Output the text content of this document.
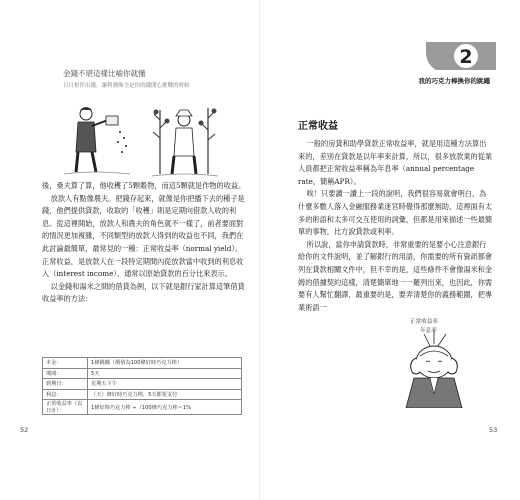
金錢不堪這樣比喻你就懂
日日相伴出錢，讓利潤像全是你的錢開心挑戰的時候

後，桑夫算了算，他收穫了5顆穀物，而這5顆就是作物的收益。

放款人有點像農夫。把錢存起來，就像是你把播下去的種子是錢，他們提供貸款，收取的「收穫」則是定期向借款人收的利息。從這裡開始，放款人和農夫的角色就不一樣了，前者要面對的情況更加複雜，不同類型的放款人得到的收益也不同，我們在此討論最簡單，最常見的一種：正常收益率（normal yield）。正常收益，是放款人在一段特定期間內從放款當中收到的利息收入（interest income），通常以原始貸款的百分比來表示。

以金錢和湯米之間的借貸為例，以下就是銀行家計算這筆借貸收益率的方法：

本金：	1條跳繩（價值為100條好時巧克力棒）
期間：	5天
到期日：	星期五下午
利息：	（天）條好時巧克力棒，5天都要支付
正常收益率（以日計）：	1條好時巧克力棒 ÷（100條巧克力棒＝1%
52
2
我的巧克力棒換你的跳繩
正常收益

一般的房貸和助學貸款正常收益率，就是用這種方法算出來的，差別在貸款是以年率來計算，所以，很多放款業的從業人員都把正常收益率稱為年息率（annual percentage rate，簡稱APR）。

唉！只要讀一讀上一段的說明，我們很容易就會明白，為什麼多數人落入金融服務業迷宮時覺得那麼無助，這裡面有太多的術語和太多可交互使用的詞彙，但都是用來描述一些最簡單的事物，比方說貸款或利率。

所以說，當你申請貸款時，非常重要的是要小心注意銀行給你的文件說明，並了解銀行的用語，你需要的所有資訊都會列在貸款相關文件中，但不幸的是，這些條件不會像湯米和金姆的借據契約這樣，清楚簡單地一一羅列出來，也因此，你需要有人幫忙翻譯，最重要的是，要弄清楚你的義務範圍，把專業術語一

正常收益率
年息率
53
